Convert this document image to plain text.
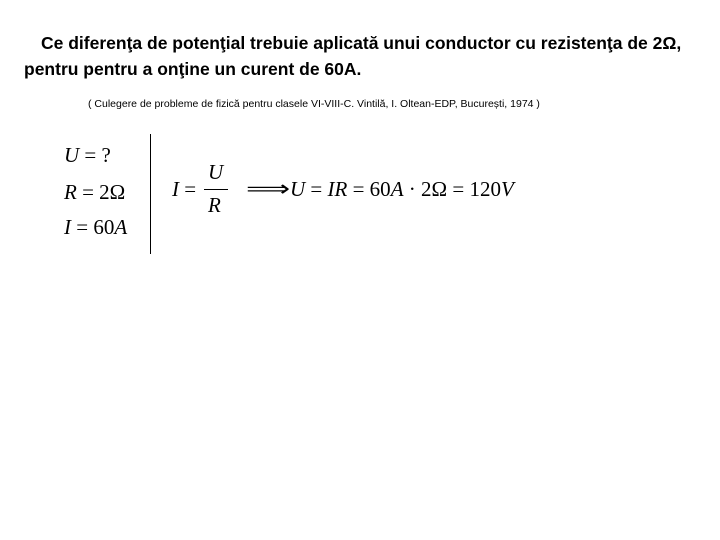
Ce diferenţa de potenţial trebuie aplicată unui conductor cu rezistenţa de 2Ω, pentru pentru a onţine un curent de 60A.

( Culegere de probleme de fizică pentru clasele VI-VIII-C. Vintilă, I. Oltean-EDP, București, 1974 )
U = ?
R = 2Ω
I = 60A
I =
U
R
⟹ U = IR = 60A · 2Ω = 120V
